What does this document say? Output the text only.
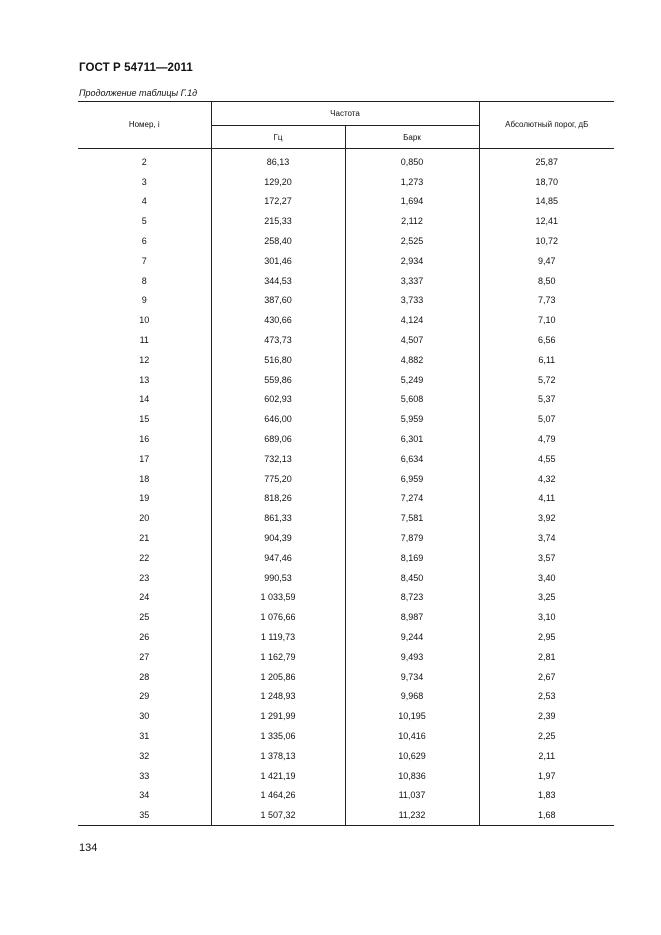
ГОСТ Р 54711—2011
Продолжение таблицы Г.1д
Номер, i	Частота		Абсолютный порог, дБ
	Гц	Барк	
2	86,13	0,850	25,87
3	129,20	1,273	18,70
4	172,27	1,694	14,85
5	215,33	2,112	12,41
6	258,40	2,525	10,72
7	301,46	2,934	9,47
8	344,53	3,337	8,50
9	387,60	3,733	7,73
10	430,66	4,124	7,10
11	473,73	4,507	6,56
12	516,80	4,882	6,11
13	559,86	5,249	5,72
14	602,93	5,608	5,37
15	646,00	5,959	5,07
16	689,06	6,301	4,79
17	732,13	6,634	4,55
18	775,20	6,959	4,32
19	818,26	7,274	4,11
20	861,33	7,581	3,92
21	904,39	7,879	3,74
22	947,46	8,169	3,57
23	990,53	8,450	3,40
24	1 033,59	8,723	3,25
25	1 076,66	8,987	3,10
26	1 119,73	9,244	2,95
27	1 162,79	9,493	2,81
28	1 205,86	9,734	2,67
29	1 248,93	9,968	2,53
30	1 291,99	10,195	2,39
31	1 335,06	10,416	2,25
32	1 378,13	10,629	2,11
33	1 421,19	10,836	1,97
34	1 464,26	11,037	1,83
35	1 507,32	11,232	1,68
134
